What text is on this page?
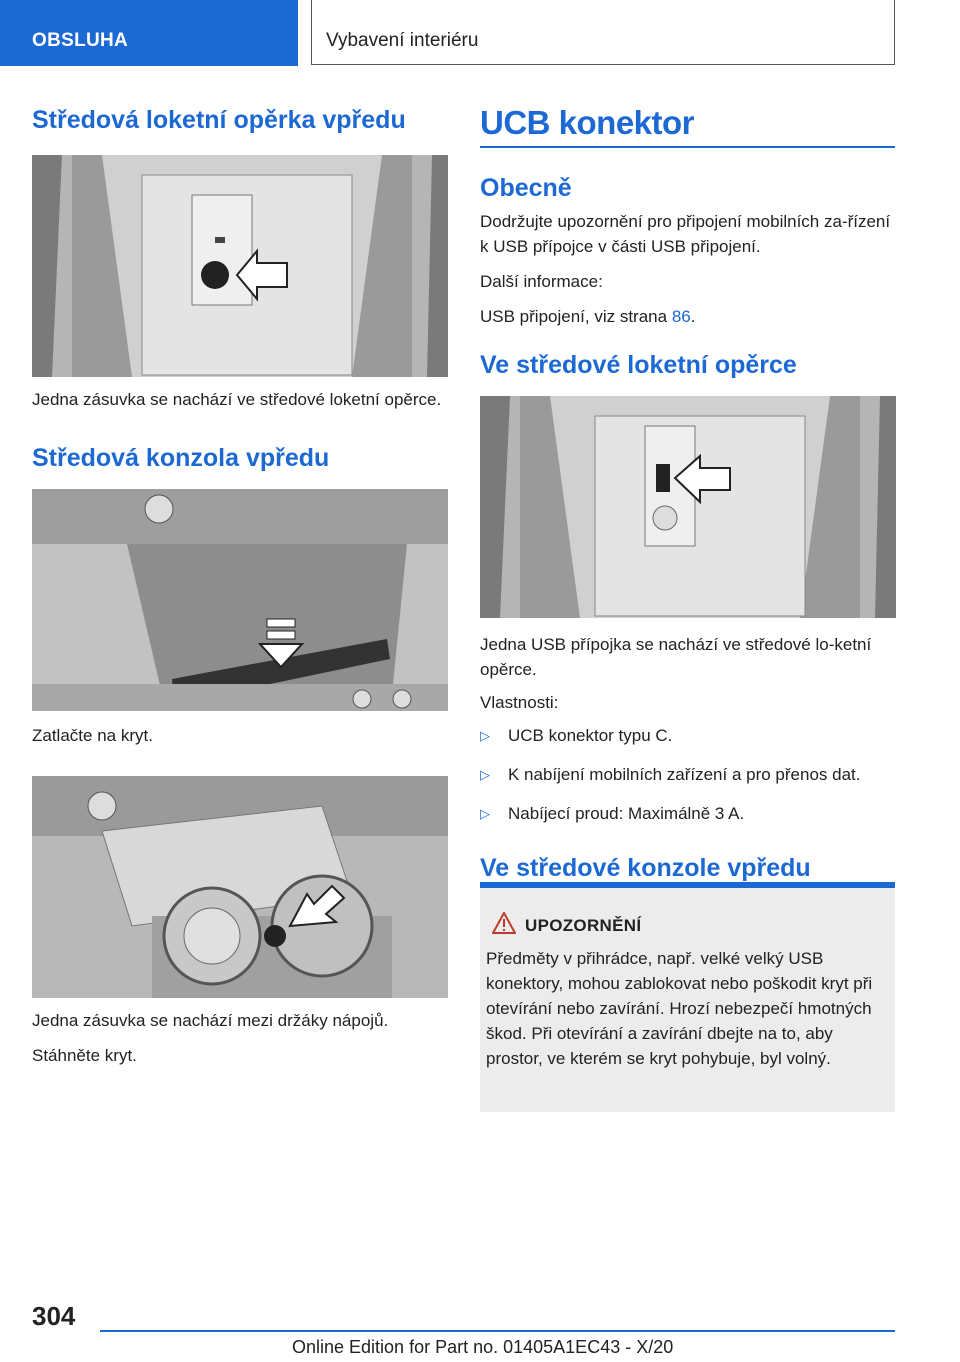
OBSLUHA	Vybavení interiéru
Středová loketní opěrka vpředu

Jedna zásuvka se nachází ve středové loketní opěrce.

Středová konzola vpředu

Zatlačte na kryt.

Jedna zásuvka se nachází mezi držáky nápojů.

Stáhněte kryt.

UCB konektor
Obecně

Dodržujte upozornění pro připojení mobilních za-řízení k USB přípojce v části USB připojení.

Další informace:

USB připojení, viz strana 86.

Ve středové loketní opěrce

Jedna USB přípojka se nachází ve středové lo-ketní opěrce.

Vlastnosti:

▷	UCB konektor typu C.
▷	K nabíjení mobilních zařízení a pro přenos dat.
▷	Nabíjecí proud: Maximálně 3 A.
Ve středové konzole vpředu
UPOZORNĚNÍ
Předměty v přihrádce, např. velké velký USB konektory, mohou zablokovat nebo poškodit kryt při otevírání nebo zavírání. Hrozí nebezpečí hmotných škod. Při otevírání a zavírání dbejte na to, aby prostor, ve kterém se kryt pohybuje, byl volný.
304
Online Edition for Part no. 01405A1EC43 - X/20
